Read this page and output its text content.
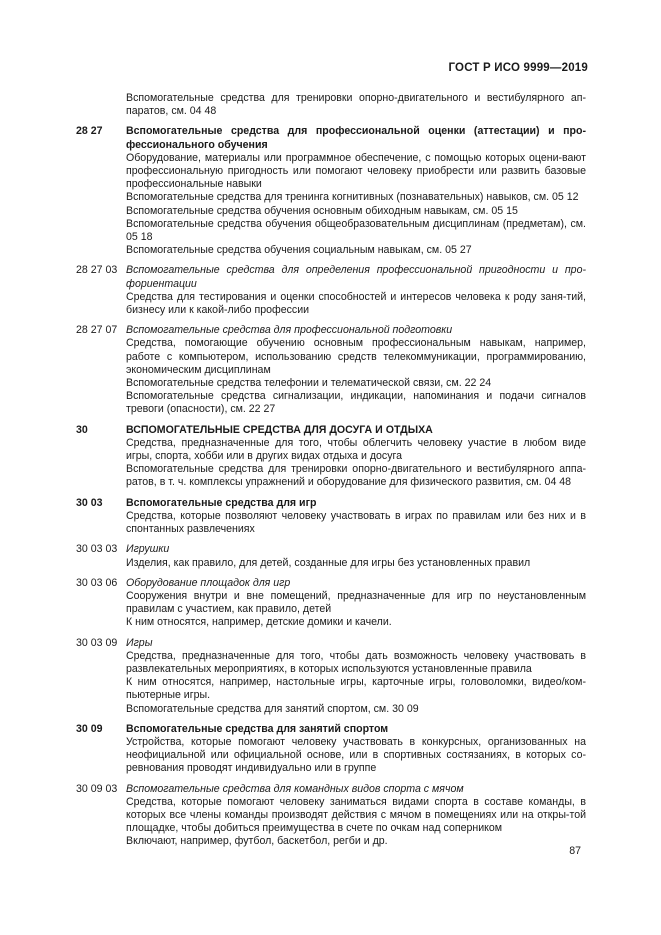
ГОСТ Р ИСО 9999—2019
Вспомогательные средства для тренировки опорно-двигательного и вестибулярного ап-паратов, см. 04 48
28 27	Вспомогательные средства для профессиональной оценки (аттестации) и про-фессионального обучения

Оборудование, материалы или программное обеспечение, с помощью которых оцени-вают профессиональную пригодность или помогают человеку приобрести или развить базовые профессиональные навыки

Вспомогательные средства для тренинга когнитивных (познавательных) навыков, см. 05 12

Вспомогательные средства обучения основным обиходным навыкам, см. 05 15

Вспомогательные средства обучения общеобразовательным дисциплинам (предметам), см. 05 18

Вспомогательные средства обучения социальным навыкам, см. 05 27

28 27 03 Вспомогательные средства для определения профессиональной пригодности и про-фориентации

Средства для тестирования и оценки способностей и интересов человека к роду заня-тий, бизнесу или к какой-либо профессии

28 27 07 Вспомогательные средства для профессиональной подготовки

Средства, помогающие обучению основным профессиональным навыкам, например, работе с компьютером, использованию средств телекоммуникации, программированию, экономическим дисциплинам

Вспомогательные средства телефонии и телематической связи, см. 22 24

Вспомогательные средства сигнализации, индикации, напоминания и подачи сигналов тревоги (опасности), см. 22 27

30	ВСПОМОГАТЕЛЬНЫЕ СРЕДСТВА ДЛЯ ДОСУГА И ОТДЫХА

Средства, предназначенные для того, чтобы облегчить человеку участие в любом виде игры, спорта, хобби или в других видах отдыха и досуга

Вспомогательные средства для тренировки опорно-двигательного и вестибулярного аппа-ратов, в т. ч. комплексы упражнений и оборудование для физического развития, см. 04 48

30 03	Вспомогательные средства для игр

Средства, которые позволяют человеку участвовать в играх по правилам или без них и в спонтанных развлечениях

30 03 03 Игрушки

Изделия, как правило, для детей, созданные для игры без установленных правил

30 03 06 Оборудование площадок для игр

Сооружения внутри и вне помещений, предназначенные для игр по неустановленным правилам с участием, как правило, детей

К ним относятся, например, детские домики и качели.

30 03 09 Игры

Средства, предназначенные для того, чтобы дать возможность человеку участвовать в развлекательных мероприятиях, в которых используются установленные правила

К ним относятся, например, настольные игры, карточные игры, головоломки, видео/ком-пьютерные игры.

Вспомогательные средства для занятий спортом, см. 30 09

30 09	Вспомогательные средства для занятий спортом

Устройства, которые помогают человеку участвовать в конкурсных, организованных на неофициальной или официальной основе, или в спортивных состязаниях, в которых со-ревнования проводят индивидуально или в группе

30 09 03 Вспомогательные средства для командных видов спорта с мячом

Средства, которые помогают человеку заниматься видами спорта в составе команды, в которых все члены команды производят действия с мячом в помещениях или на откры-той площадке, чтобы добиться преимущества в счете по очкам над соперником

Включают, например, футбол, баскетбол, регби и др.

87
